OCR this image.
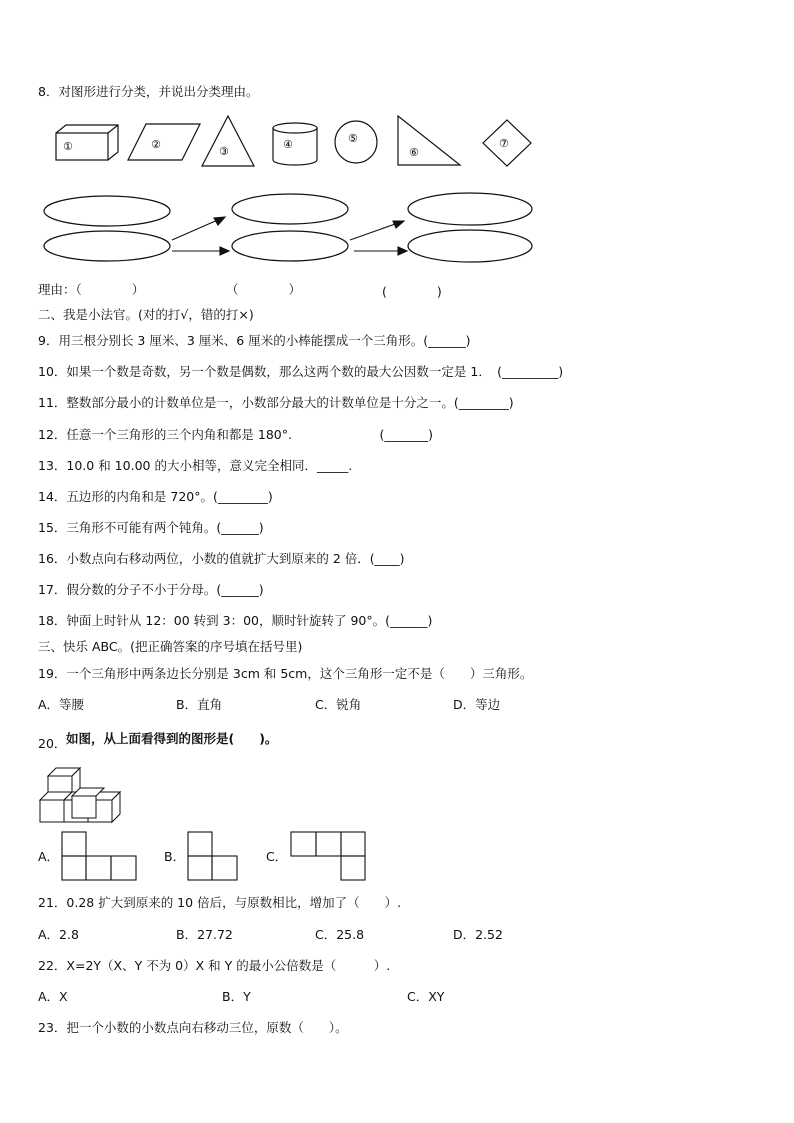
8．对图形进行分类，并说出分类理由。
①	②
③
④	⑤
⑥
⑦
理由：（　　　　）	（　　　　）	(　　　　)
二、我是小法官。(对的打√，错的打×)
9．用三根分别长 3 厘米、3 厘米、6 厘米的小棒能摆成一个三角形。(______)
10．如果一个数是奇数，另一个数是偶数，那么这两个数的最大公因数一定是 1．　(_________)
11．整数部分最小的计数单位是一，小数部分最大的计数单位是十分之一。(________)
12．任意一个三角形的三个内角和都是 180°.　　　　　　　(_______)
13．10.0 和 10.00 的大小相等，意义完全相同．_____.
14．五边形的内角和是 720°。(________)
15．三角形不可能有两个钝角。(______)
16．小数点向右移动两位，小数的值就扩大到原来的 2 倍．(____)
17．假分数的分子不小于分母。(______)
18．钟面上时针从 12：00 转到 3：00，顺时针旋转了 90°。(______)
三、快乐 ABC。(把正确答案的序号填在括号里)
19．一个三角形中两条边长分别是 3cm 和 5cm，这个三角形一定不是（　　）三角形。
A．等腰	B．直角	C．锐角	D．等边
20． 如图，从上面看得到的图形是(　　)。
A．	B．	C．
21．0.28 扩大到原来的 10 倍后，与原数相比，增加了（　　）.
A．2.8	B．27.72	C．25.8	D．2.52
22．X=2Y（X、Y 不为 0）X 和 Y 的最小公倍数是（　　　）.
A．X	B．Y	C．XY
23．把一个小数的小数点向右移动三位，原数（　　）。
